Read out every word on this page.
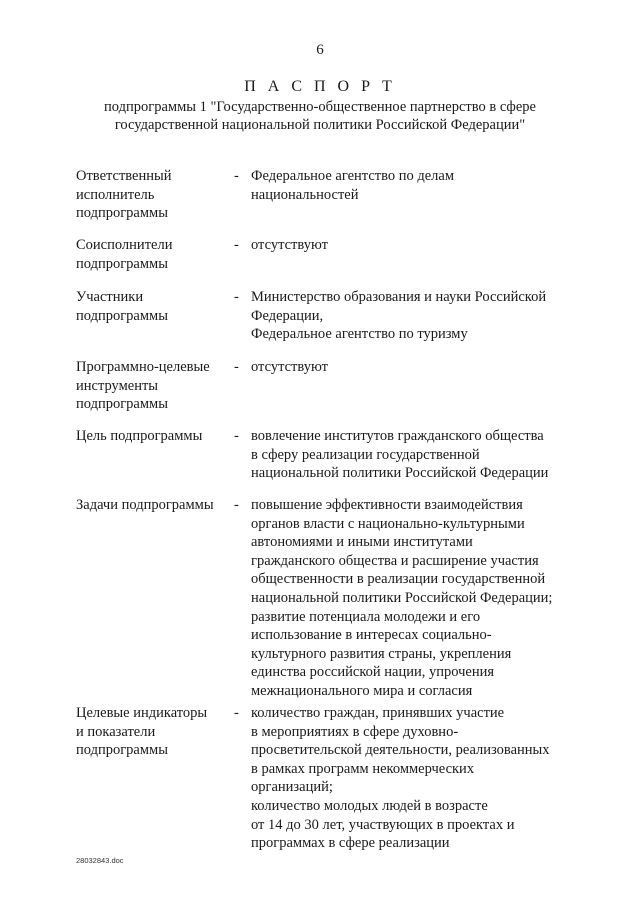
6
П А С П О Р Т
подпрограммы 1 "Государственно-общественное партнерство в сфере
государственной национальной политики Российской Федерации"
Ответственный
исполнитель
подпрограммы
- Федеральное агентство по делам
национальностей
Соисполнители
подпрограммы
- отсутствуют
Участники
подпрограммы
- Министерство образования и науки Российской
Федерации,
Федеральное агентство по туризму
Программно-целевые
инструменты
подпрограммы
- отсутствуют
Цель подпрограммы	- вовлечение институтов гражданского общества
в сферу реализации государственной
национальной политики Российской Федерации
Задачи подпрограммы	- повышение эффективности взаимодействия
органов власти с национально-культурными
автономиями и иными институтами
гражданского общества и расширение участия
общественности в реализации государственной
национальной политики Российской Федерации;
развитие потенциала молодежи и его
использование в интересах социально-
культурного развития страны, укрепления
единства российской нации, упрочения
межнационального мира и согласия
Целевые индикаторы
и показатели
подпрограммы
- количество граждан, принявших участие
в мероприятиях в сфере духовно-
просветительской деятельности, реализованных
в рамках программ некоммерческих
организаций;
количество молодых людей в возрасте
от 14 до 30 лет, участвующих в проектах и
программах в сфере реализации
28032843.doc
